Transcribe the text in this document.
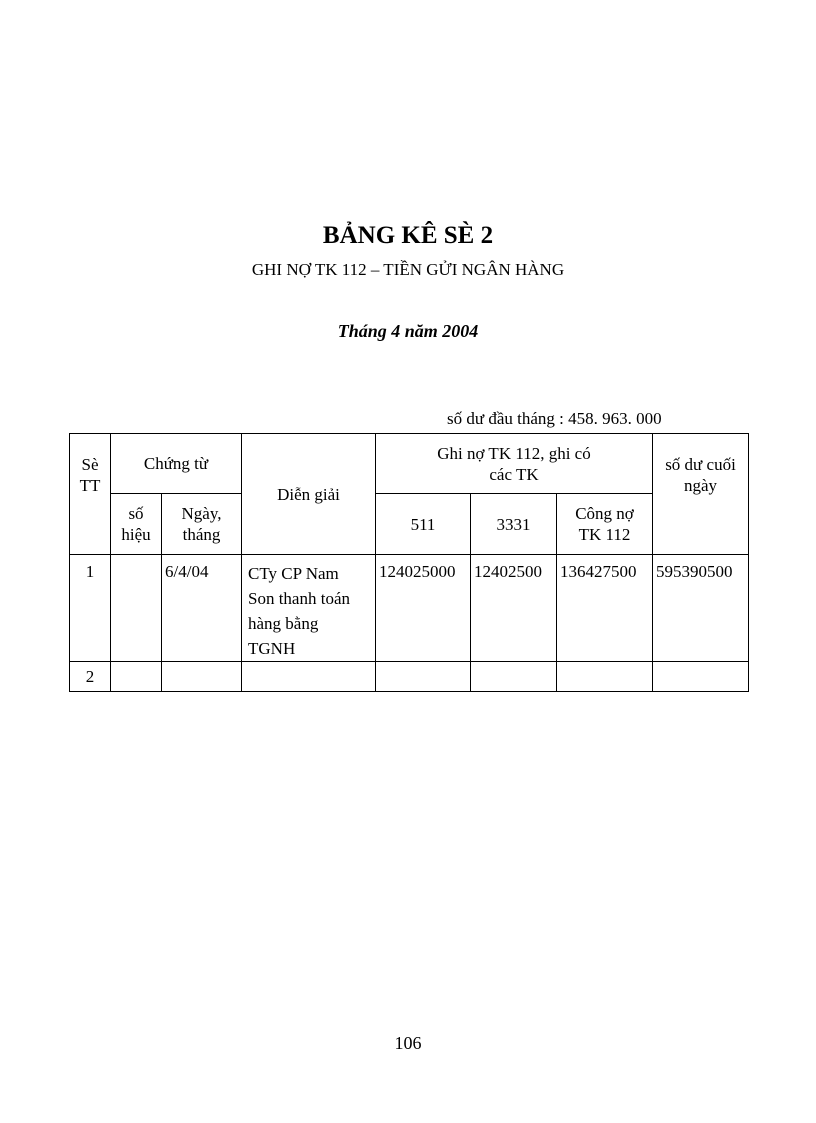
BẢNG KÊ SÈ 2
GHI NỢ TK 112 – TIỀN GỬI NGÂN HÀNG
Tháng 4 năm 2004
số dư đầu tháng : 458. 963. 000
Sè TT	Chứng từ		Diễn giải	Ghi nợ TK 112, ghi có các TK			số dư cuối ngày
	số hiệu	Ngày, tháng		511	3331	Công nợ TK 112	
1		6/4/04	CTy CP Nam Son thanh toán hàng bằng TGNH	124025000	12402500	136427500	595390500
2							
106
